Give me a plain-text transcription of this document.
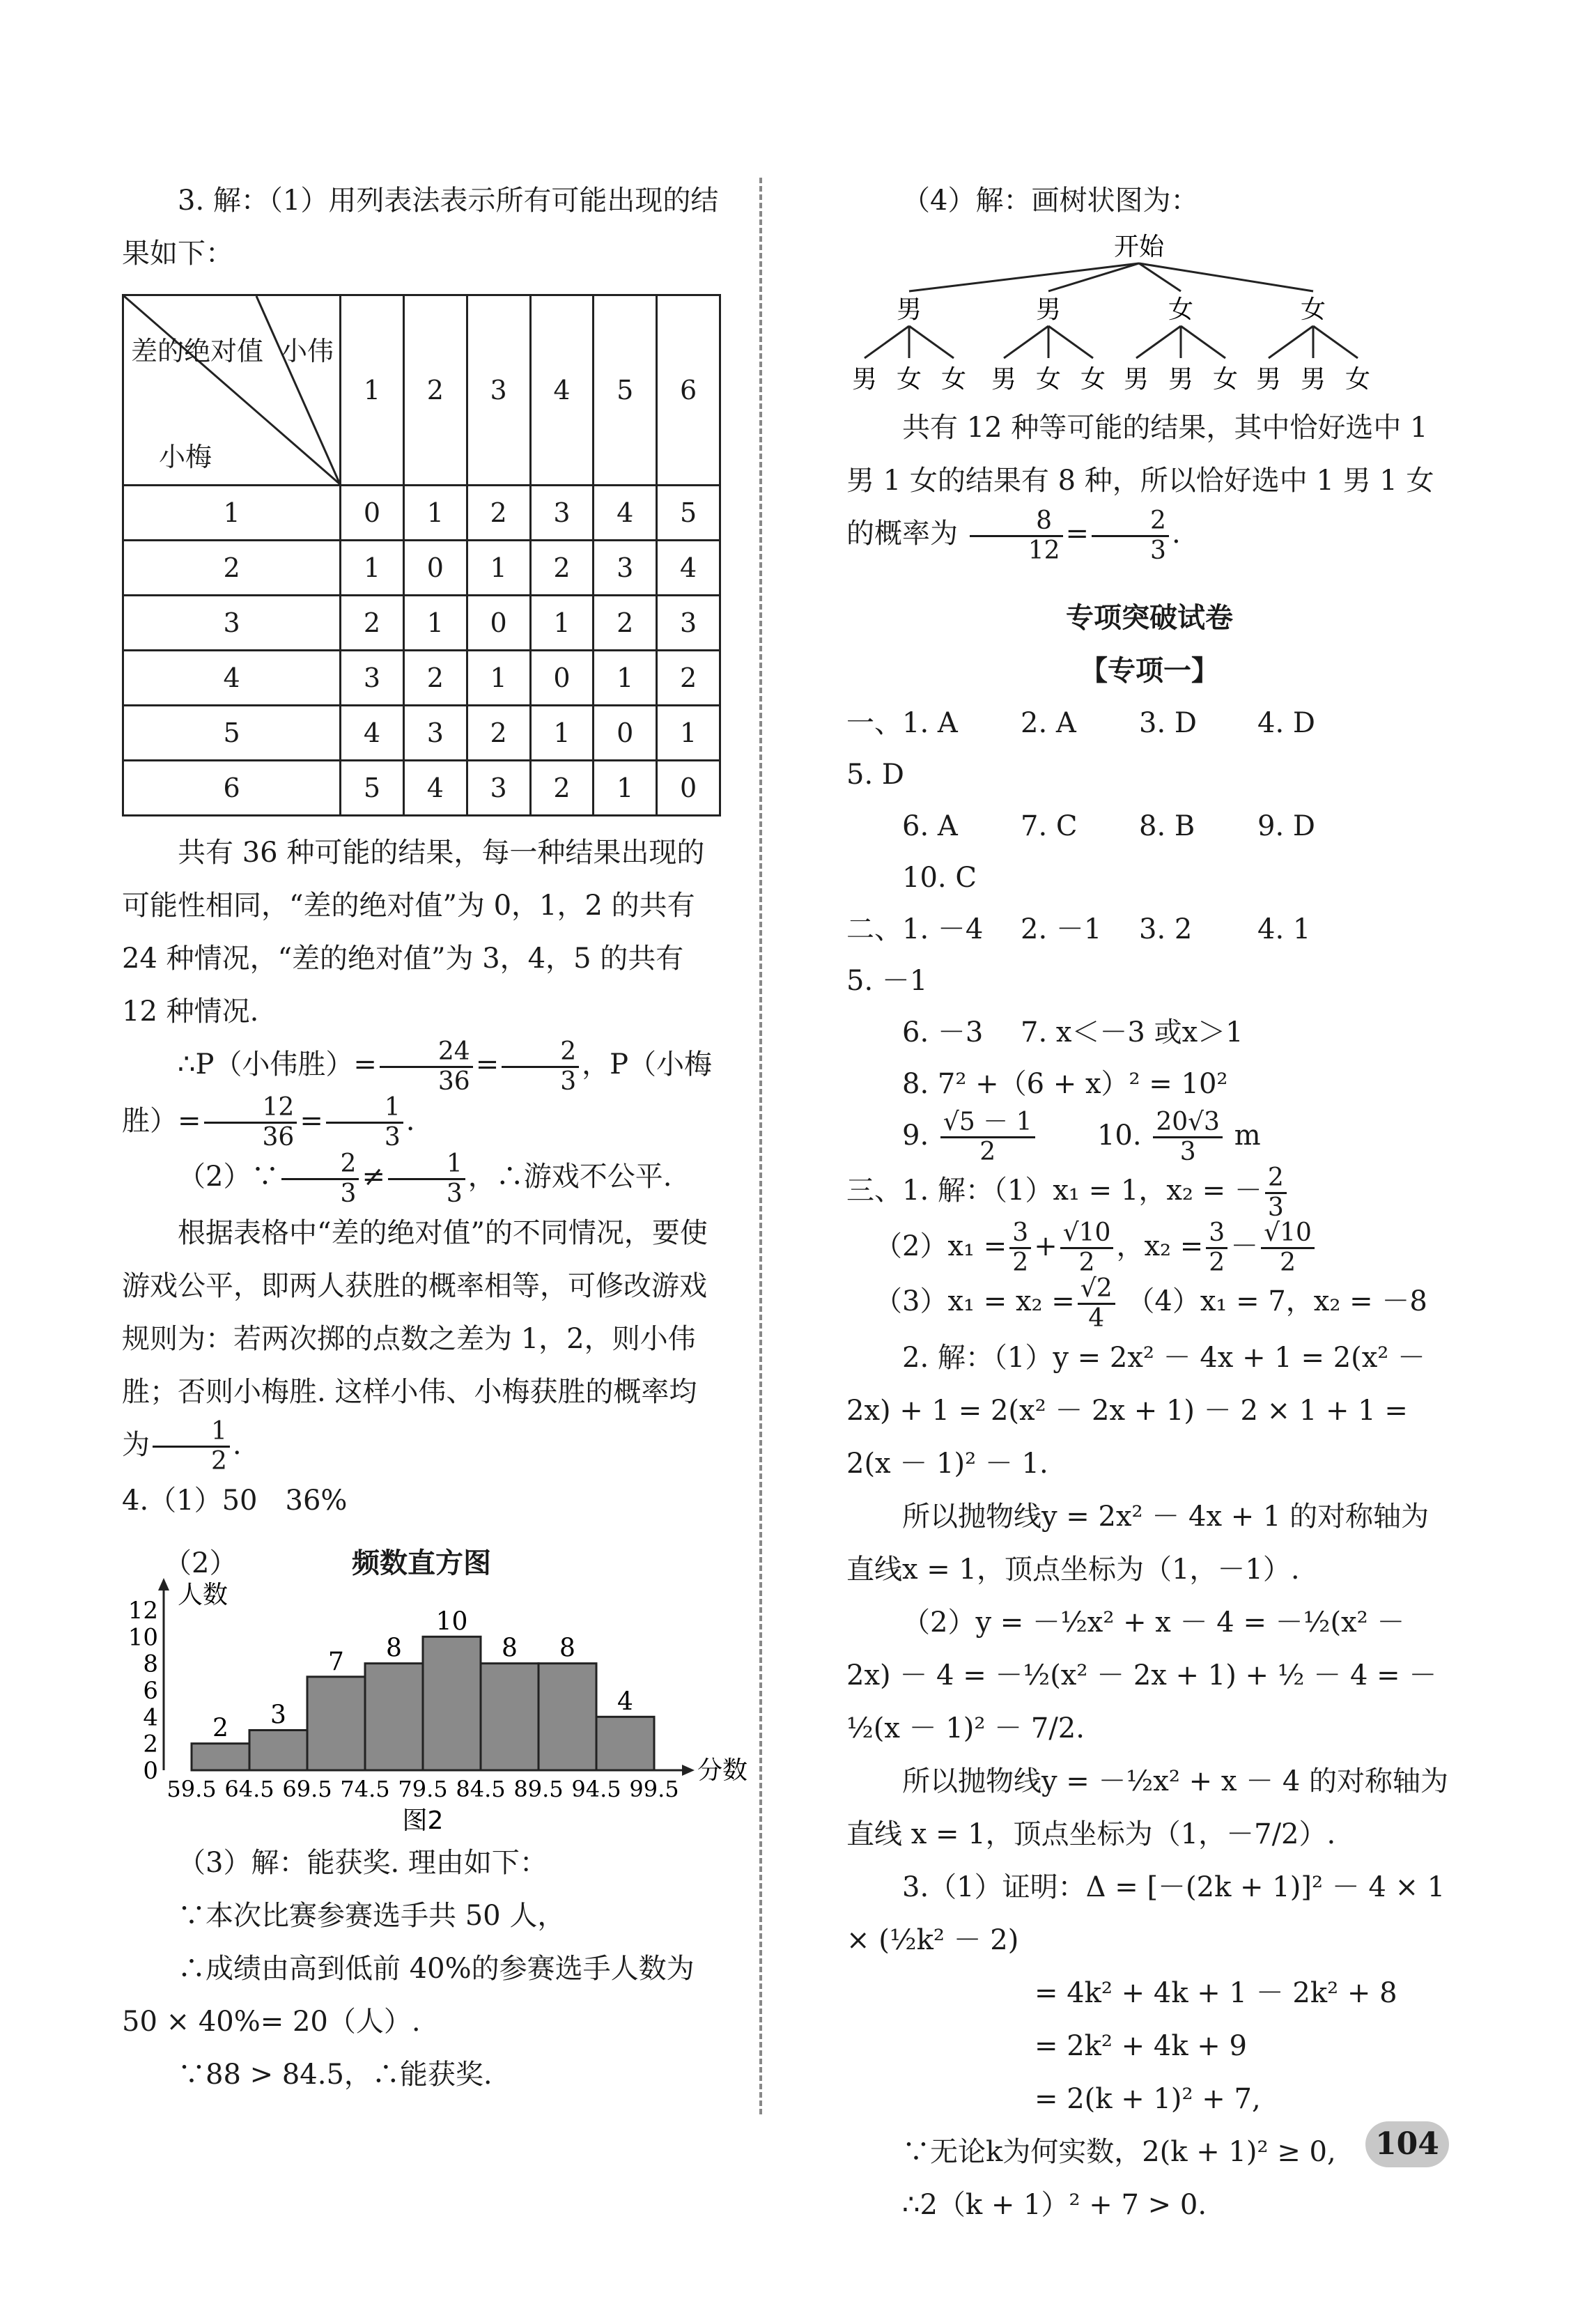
3. 解：（1）用列表法表示所有可能出现的结果如下：

差的绝对值 小伟
小梅	1	2	3	4	5	6
1	0	1	2	3	4	5
2	1	0	1	2	3	4
3	2	1	0	1	2	3
4	3	2	1	0	1	2
5	4	3	2	1	0	1
6	5	4	3	2	1	0

共有 36 种可能的结果，每一种结果出现的可能性相同，“差的绝对值”为 0，1，2 的共有 24 种情况，“差的绝对值”为 3，4，5 的共有 12 种情况.

∴P（小伟胜）= $\frac{24}{36} = \frac{2}{3}$ ，P（小梅胜）= $\frac{12}{36} = \frac{1}{3}$ .

（2）∵ $\frac{2}{3} \ne \frac{1}{3}$ ，∴游戏不公平.

根据表格中“差的绝对值”的不同情况，要使游戏公平，即两人获胜的概率相等，可修改游戏规则为：若两次掷的点数之差为 1，2，则小伟胜；否则小梅胜. 这样小伟、小梅获胜的概率均为 $\frac{1}{2}$ .

4.（1）50　36%

（2）	频数直方图
0
2
4
6
8
10
12
人数
2 3
7 8
10
8 8
4
59.5 64.5 69.5 74.5 79.5 84.5 89.5 94.5 99.5
分数
图2

（3）解：能获奖. 理由如下：

∵本次比赛参赛选手共 50 人，

∴成绩由高到低前 40%的参赛选手人数为 50 × 40%= 20（人）.

∵88 > 84.5，∴能获奖.

（4）解：画树状图为：

开始
男
男 女 女
男
男 女 女
女
男 男 女
女
男 男 女

共有 12 种等可能的结果，其中恰好选中 1 男 1 女的结果有 8 种，所以恰好选中 1 男 1 女的概率为 $\frac{8}{12} = \frac{2}{3}$ .

专项突破试卷
【专项一】

一、1. A 2. A 3. D 4. D5. D

6. A 7. C 8. B 9. D10. C

二、1. －4 2. －1 3. 2 4. 15. －1

6. －3 7. x＜－3 或x＞1

8. 7² +（6 + x）² = 10²

9. $\frac{√5 - 1}{2} 10$. $\frac{20√3}{3}$ m

三、1. 解：（1）x₁ = 1，x₂ = － $\frac{2}{3}$

$(2)x_1 = \frac{3}{2} + \frac{√10}{2}$ ，$x_2 = \frac{3}{2} - \frac{√10}{2}$

$(3)x_1 = x_2 = \frac{√2}{4} (4)x_1 = 7$，x₂ = －8

2. 解：（1）y = 2x² － 4x + 1 = 2(x² － 2x) + 1 = 2(x² － 2x + 1) － 2 × 1 + 1 = 2(x － 1)² － 1.

所以抛物线y = 2x² － 4x + 1 的对称轴为直线x = 1，顶点坐标为（1，－1）.

（2）y = －½x² + x － 4 = －½(x² － 2x) － 4 = －½(x² － 2x + 1) + ½ － 4 = －½(x － 1)² － 7/2.

所以抛物线y = －½x² + x － 4 的对称轴为直线 x = 1，顶点坐标为（1，－7/2）.

3.（1）证明：Δ = [－(2k + 1)]² － 4 × 1 × (½k² － 2)

= 4k² + 4k + 1 － 2k² + 8

= 2k² + 4k + 9

= 2(k + 1)² + 7,

∵无论k为何实数，2(k + 1)² ≥ 0,

∴2（k + 1）² + 7 > 0.

104
